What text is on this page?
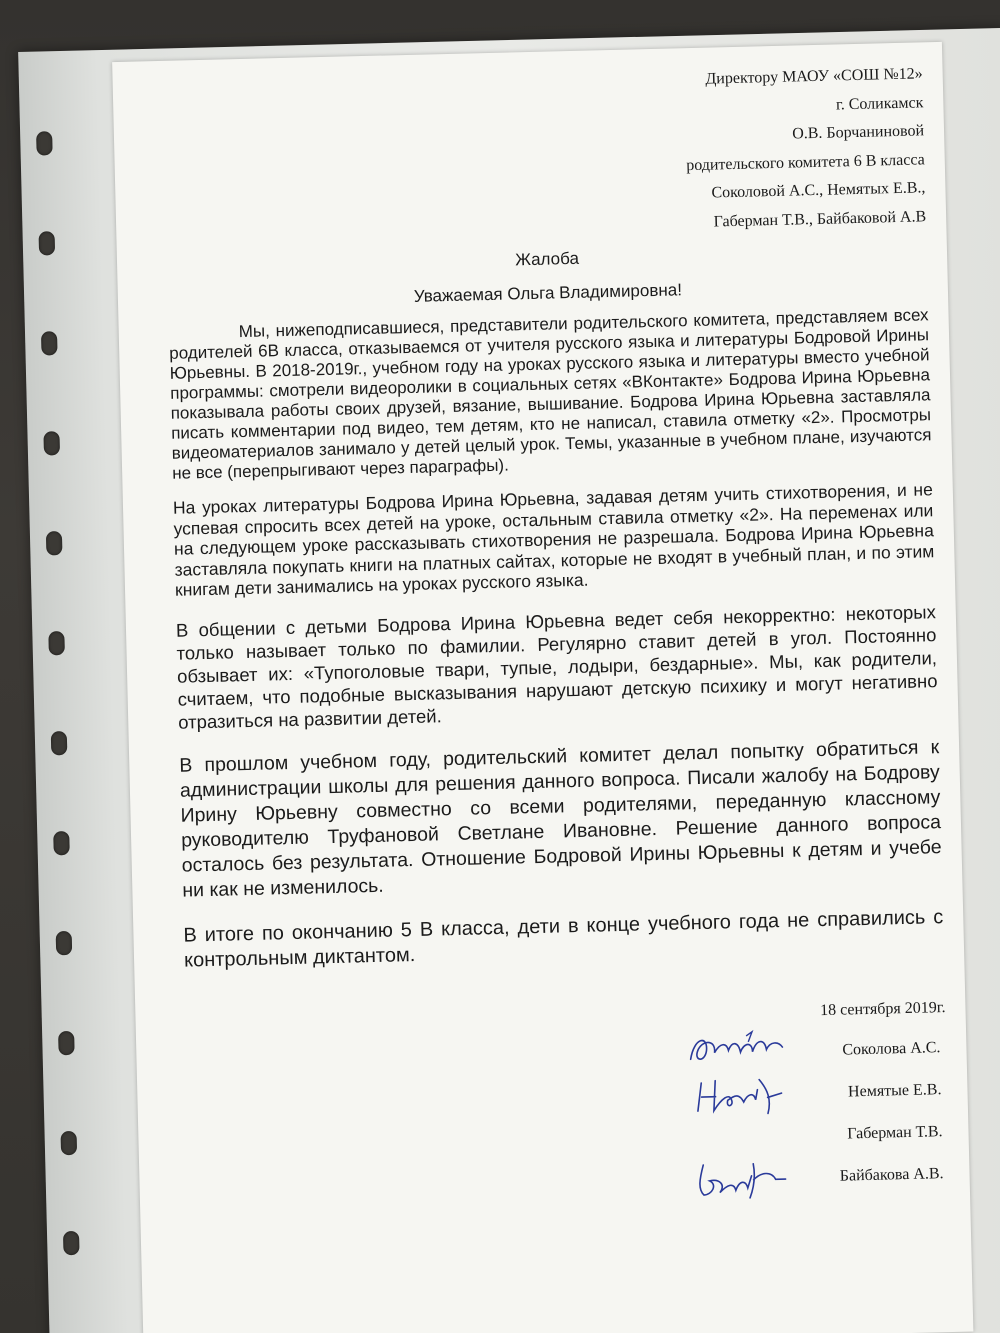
Директору МАОУ «СОШ №12»
г. Соликамск
О.В. Борчаниновой
родительского комитета 6 В класса
Соколовой А.С., Немятых Е.В.,
Габерман Т.В., Байбаковой А.В
Жалоба
Уважаемая Ольга Владимировна!

Мы, нижеподписавшиеся, представители родительского комитета, представляем всех родителей 6В класса, отказываемся от учителя русского языка и литературы Бодровой Ирины Юрьевны. В 2018-2019г., учебном году на уроках русского языка и литературы вместо учебной программы: смотрели видеоролики в социальных сетях «ВКонтакте» Бодрова Ирина Юрьевна показывала работы своих друзей, вязание, вышивание. Бодрова Ирина Юрьевна заставляла писать комментарии под видео, тем детям, кто не написал, ставила отметку «2». Просмотры видеоматериалов занимало у детей целый урок. Темы, указанные в учебном плане, изучаются не все (перепрыгивают через параграфы).

На уроках литературы Бодрова Ирина Юрьевна, задавая детям учить стихотворения, и не успевая спросить всех детей на уроке, остальным ставила отметку «2». На переменах или на следующем уроке рассказывать стихотворения не разрешала. Бодрова Ирина Юрьевна заставляла покупать книги на платных сайтах, которые не входят в учебный план, и по этим книгам дети занимались на уроках русского языка.

В общении с детьми Бодрова Ирина Юрьевна ведет себя некорректно: некоторых только называет только по фамилии. Регулярно ставит детей в угол. Постоянно обзывает их: «Тупоголовые твари, тупые, лодыри, бездарные». Мы, как родители, считаем, что подобные высказывания нарушают детскую психику и могут негативно отразиться на развитии детей.

В прошлом учебном году, родительский комитет делал попытку обратиться к администрации школы для решения данного вопроса. Писали жалобу на Бодрову Ирину Юрьевну совместно со всеми родителями, переданную классному руководителю Труфановой Светлане Ивановне. Решение данного вопроса осталось без результата. Отношение Бодровой Ирины Юрьевны к детям и учебе ни как не изменилось.

В итоге по окончанию 5 В класса, дети в конце учебного года не справились с контрольным диктантом.

18 сентября 2019г.
Соколова А.С.
Немятые Е.В.
Габерман Т.В.
Байбакова А.В.
